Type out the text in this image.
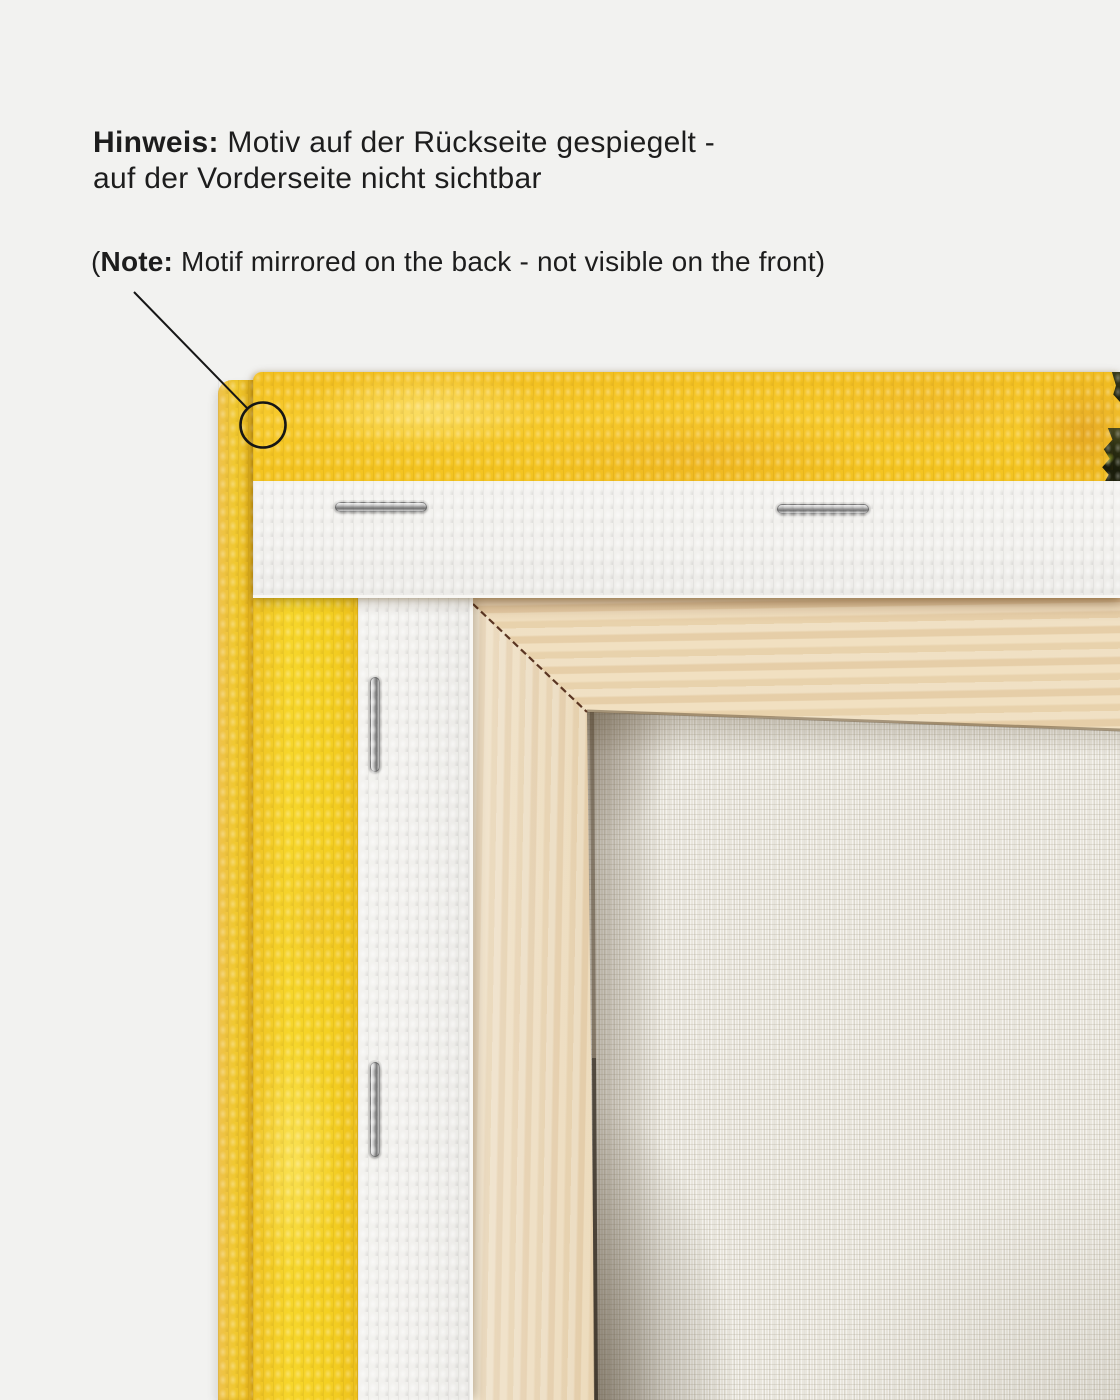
Hinweis: Motiv auf der Rückseite gespiegelt -
auf der Vorderseite nicht sichtbar
(Note: Motif mirrored on the back - not visible on the front)
